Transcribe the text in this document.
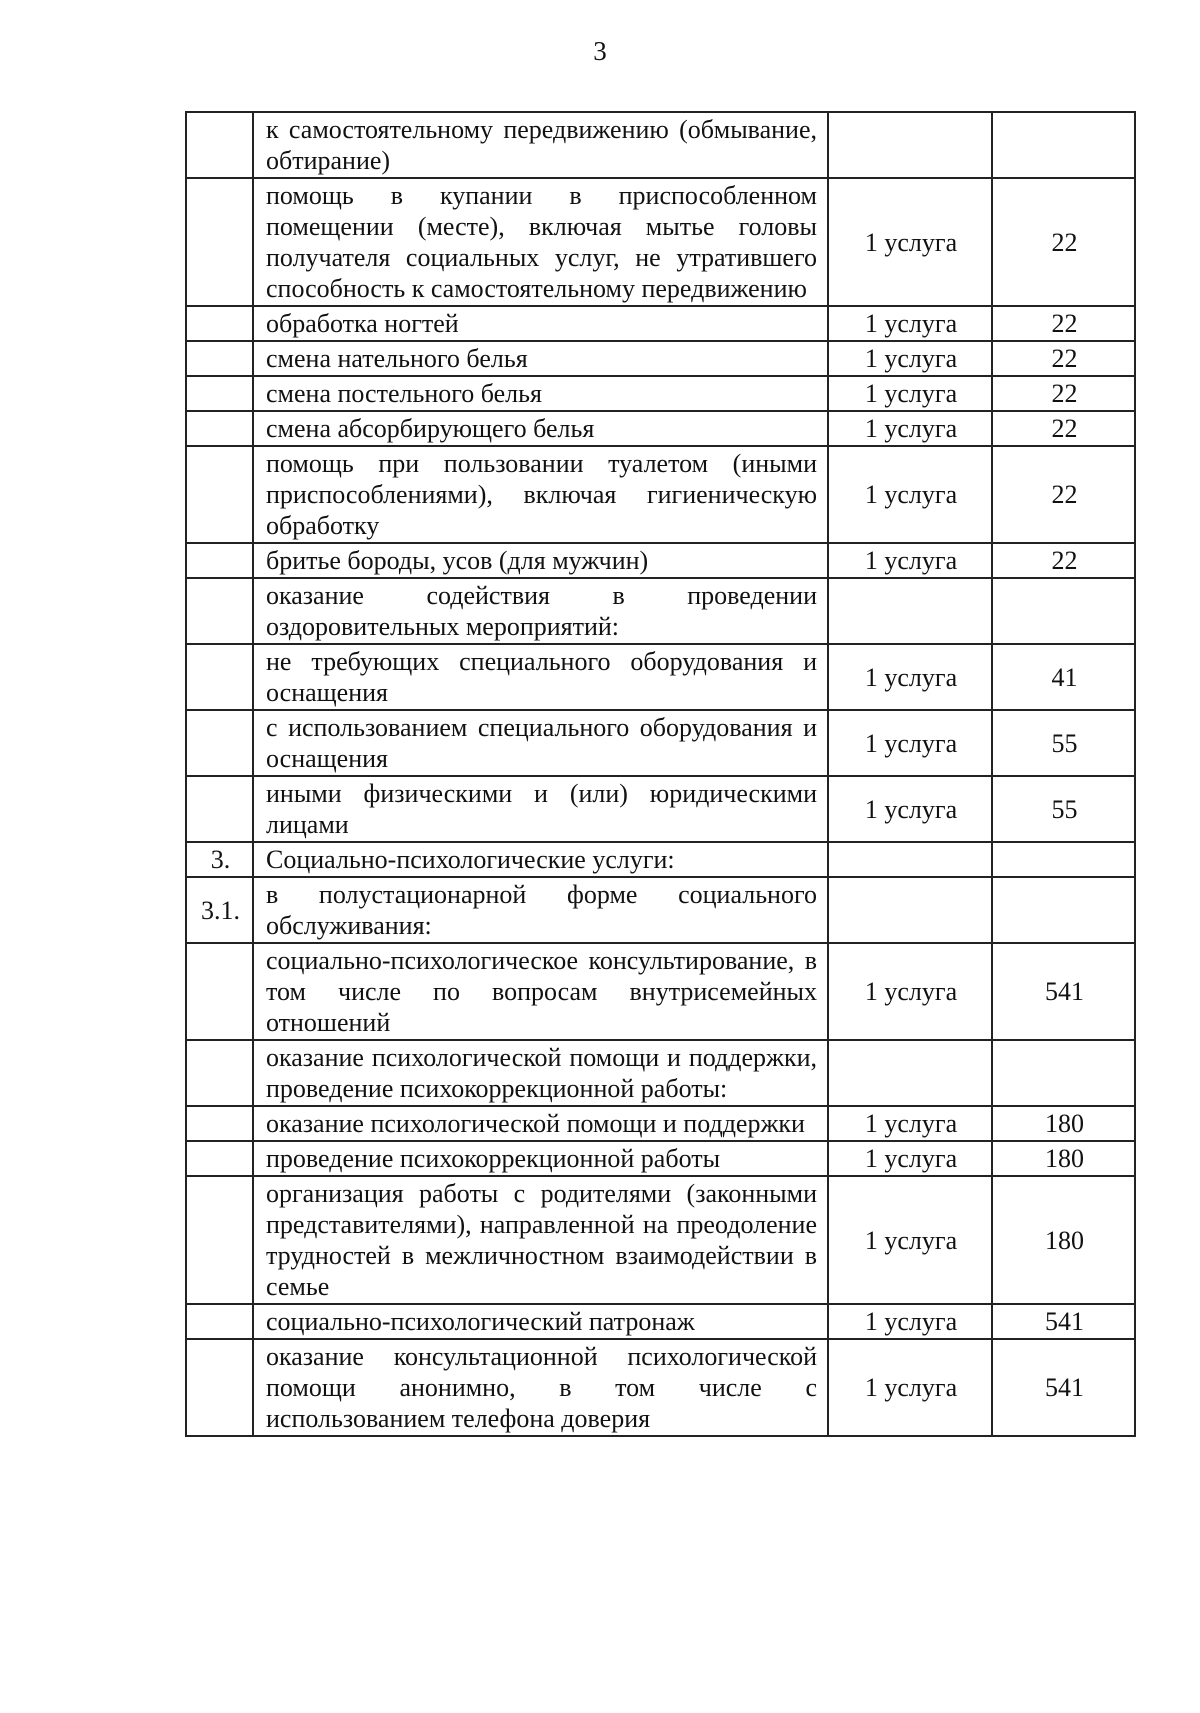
3
	к самостоятельному передвижению (обмывание, обтирание)		
	помощь в купании в приспособленном помещении (месте), включая мытье головы получателя социальных услуг, не утратившего способность к самостоятельному передвижению	1 услуга	22
	обработка ногтей	1 услуга	22
	смена нательного белья	1 услуга	22
	смена постельного белья	1 услуга	22
	смена абсорбирующего белья	1 услуга	22
	помощь при пользовании туалетом (иными приспособлениями), включая гигиеническую обработку	1 услуга	22
	бритье бороды, усов (для мужчин)	1 услуга	22
	оказание содействия в проведении оздоровительных мероприятий:		
	не требующих специального оборудования и оснащения	1 услуга	41
	с использованием специального оборудования и оснащения	1 услуга	55
	иными физическими и (или) юридическими лицами	1 услуга	55
3.	Социально-психологические услуги:		
3.1.	в полустационарной форме социального обслуживания:		
	социально-психологическое консультирование, в том числе по вопросам внутрисемейных отношений	1 услуга	541
	оказание психологической помощи и поддержки, проведение психокоррекционной работы:		
	оказание психологической помощи и поддержки	1 услуга	180
	проведение психокоррекционной работы	1 услуга	180
	организация работы с родителями (законными представителями), направленной на преодоление трудностей в межличностном взаимодействии в семье	1 услуга	180
	социально-психологический патронаж	1 услуга	541
	оказание консультационной психологической помощи анонимно, в том числе с использованием телефона доверия	1 услуга	541
